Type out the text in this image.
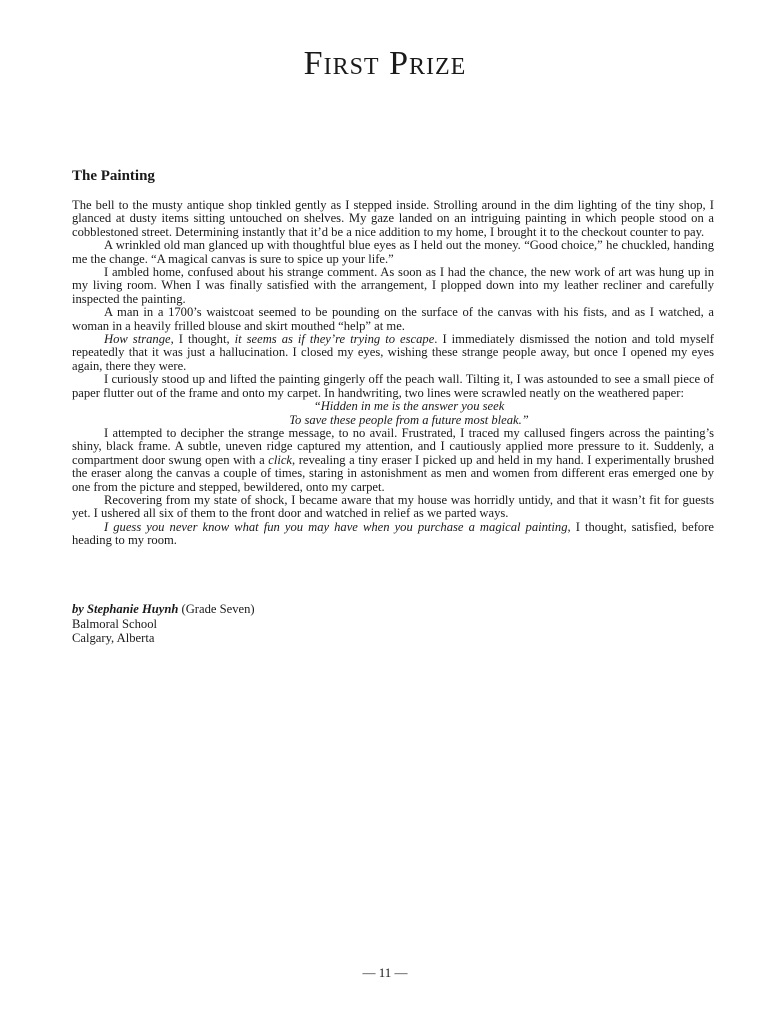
First Prize
The Painting

The bell to the musty antique shop tinkled gently as I stepped inside. Strolling around in the dim lighting of the tiny shop, I glanced at dusty items sitting untouched on shelves. My gaze landed on an intriguing painting in which people stood on a cobblestoned street. Determining instantly that it’d be a nice addition to my home, I brought it to the checkout counter to pay.

A wrinkled old man glanced up with thoughtful blue eyes as I held out the money. “Good choice,” he chuckled, handing me the change. “A magical canvas is sure to spice up your life.”

I ambled home, confused about his strange comment. As soon as I had the chance, the new work of art was hung up in my living room. When I was finally satisfied with the arrangement, I plopped down into my leather recliner and carefully inspected the painting.

A man in a 1700’s waistcoat seemed to be pounding on the surface of the canvas with his fists, and as I watched, a woman in a heavily frilled blouse and skirt mouthed “help” at me.

How strange, I thought, it seems as if they’re trying to escape. I immediately dismissed the notion and told myself repeatedly that it was just a hallucination. I closed my eyes, wishing these strange people away, but once I opened my eyes again, there they were.

I curiously stood up and lifted the painting gingerly off the peach wall. Tilting it, I was astounded to see a small piece of paper flutter out of the frame and onto my carpet. In handwriting, two lines were scrawled neatly on the weathered paper:

“Hidden in me is the answer you seek

To save these people from a future most bleak.”

I attempted to decipher the strange message, to no avail. Frustrated, I traced my callused fingers across the painting’s shiny, black frame. A subtle, uneven ridge captured my attention, and I cautiously applied more pressure to it. Suddenly, a compartment door swung open with a click, revealing a tiny eraser I picked up and held in my hand. I experimentally brushed the eraser along the canvas a couple of times, staring in astonishment as men and women from different eras emerged one by one from the picture and stepped, bewildered, onto my carpet.

Recovering from my state of shock, I became aware that my house was horridly untidy, and that it wasn’t fit for guests yet. I ushered all six of them to the front door and watched in relief as we parted ways.

I guess you never know what fun you may have when you purchase a magical painting, I thought, satisfied, before heading to my room.

by Stephanie Huynh (Grade Seven)
Balmoral School
Calgary, Alberta
— 11 —
